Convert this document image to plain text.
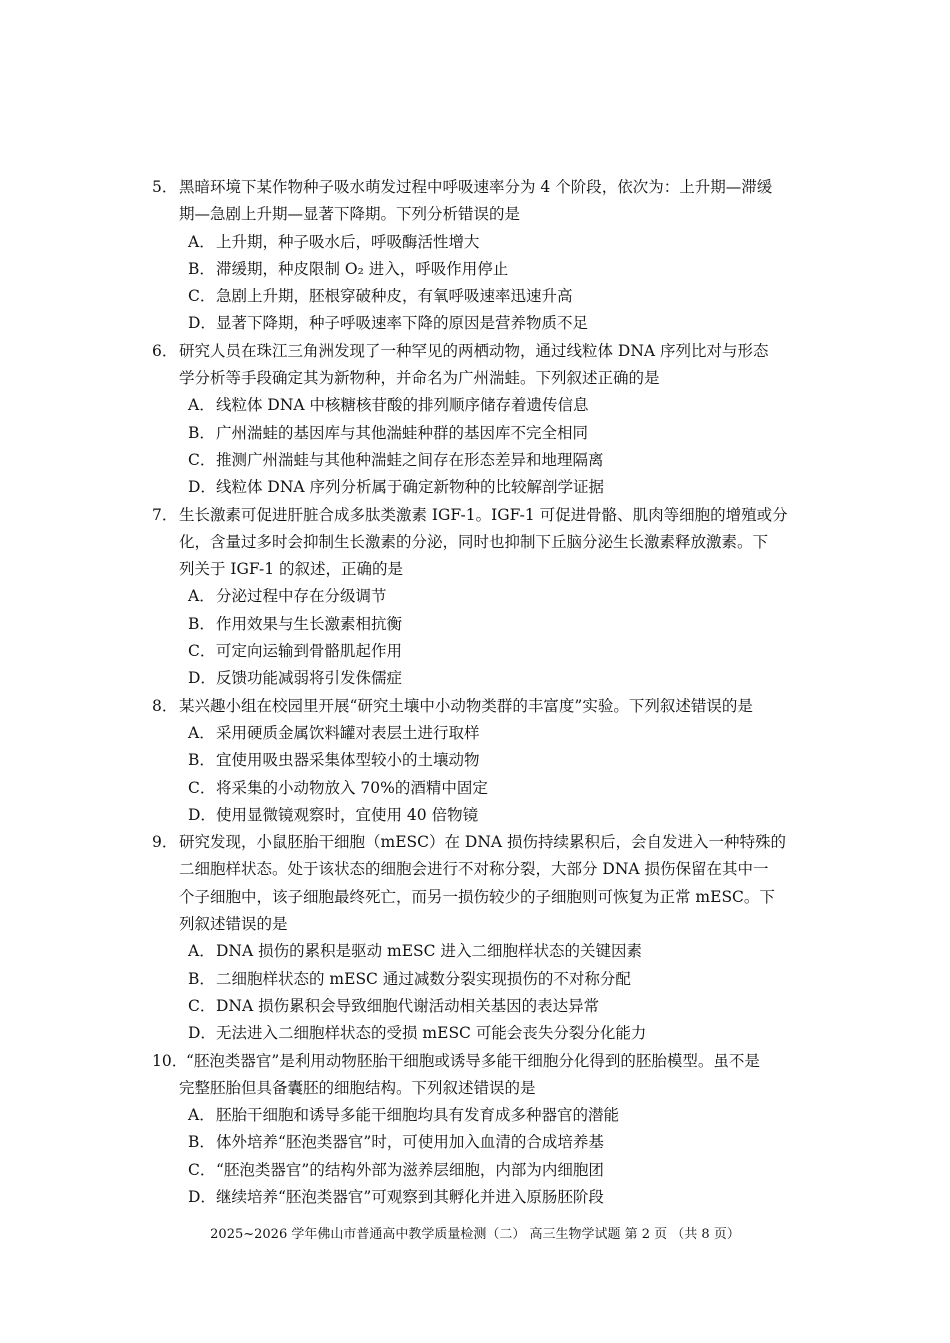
5． 黑暗环境下某作物种子吸水萌发过程中呼吸速率分为 4 个阶段，依次为：上升期—滞缓
期—急剧上升期—显著下降期。下列分析错误的是
A．上升期，种子吸水后，呼吸酶活性增大
B．滞缓期，种皮限制 O₂ 进入，呼吸作用停止
C．急剧上升期，胚根穿破种皮，有氧呼吸速率迅速升高
D．显著下降期，种子呼吸速率下降的原因是营养物质不足
6． 研究人员在珠江三角洲发现了一种罕见的两栖动物，通过线粒体 DNA 序列比对与形态
学分析等手段确定其为新物种，并命名为广州湍蛙。下列叙述正确的是
A．线粒体 DNA 中核糖核苷酸的排列顺序储存着遗传信息
B．广州湍蛙的基因库与其他湍蛙种群的基因库不完全相同
C．推测广州湍蛙与其他种湍蛙之间存在形态差异和地理隔离
D．线粒体 DNA 序列分析属于确定新物种的比较解剖学证据
7． 生长激素可促进肝脏合成多肽类激素 IGF-1。IGF-1 可促进骨骼、肌肉等细胞的增殖或分
化，含量过多时会抑制生长激素的分泌，同时也抑制下丘脑分泌生长激素释放激素。下
列关于 IGF-1 的叙述，正确的是
A．分泌过程中存在分级调节
B．作用效果与生长激素相抗衡
C．可定向运输到骨骼肌起作用
D．反馈功能减弱将引发侏儒症
8． 某兴趣小组在校园里开展“研究土壤中小动物类群的丰富度”实验。下列叙述错误的是
A．采用硬质金属饮料罐对表层土进行取样
B．宜使用吸虫器采集体型较小的土壤动物
C．将采集的小动物放入 70%的酒精中固定
D．使用显微镜观察时，宜使用 40 倍物镜
9． 研究发现，小鼠胚胎干细胞（mESC）在 DNA 损伤持续累积后，会自发进入一种特殊的
二细胞样状态。处于该状态的细胞会进行不对称分裂，大部分 DNA 损伤保留在其中一
个子细胞中，该子细胞最终死亡，而另一损伤较少的子细胞则可恢复为正常 mESC。下
列叙述错误的是
A．DNA 损伤的累积是驱动 mESC 进入二细胞样状态的关键因素
B．二细胞样状态的 mESC 通过减数分裂实现损伤的不对称分配
C．DNA 损伤累积会导致细胞代谢活动相关基因的表达异常
D．无法进入二细胞样状态的受损 mESC 可能会丧失分裂分化能力
10．
“胚泡类器官”是利用动物胚胎干细胞或诱导多能干细胞分化得到的胚胎模型。虽不是
完整胚胎但具备囊胚的细胞结构。下列叙述错误的是
A．胚胎干细胞和诱导多能干细胞均具有发育成多种器官的潜能
B．体外培养“胚泡类器官”时，可使用加入血清的合成培养基
C．“胚泡类器官”的结构外部为滋养层细胞，内部为内细胞团
D．继续培养“胚泡类器官”可观察到其孵化并进入原肠胚阶段
2025~2026 学年佛山市普通高中教学质量检测（二） 高三生物学试题 第 2 页 （共 8 页）
